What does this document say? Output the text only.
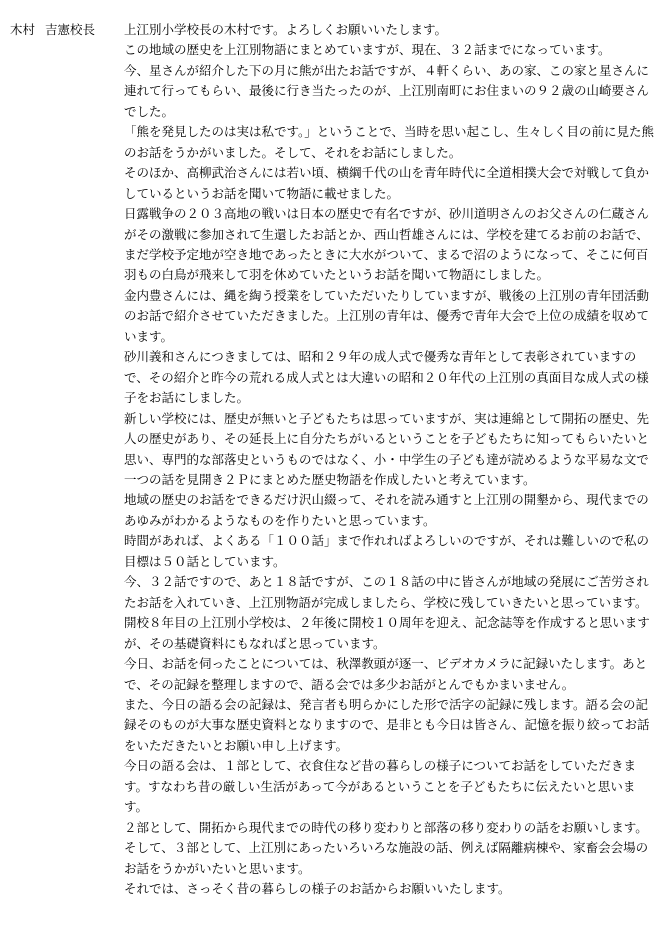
木村 吉憲校長 上江別小学校長の木村です。よろしくお願いいたします。

この地域の歴史を上江別物語にまとめていますが、現在、３２話までになっています。

今、星さんが紹介した下の月に熊が出たお話ですが、４軒くらい、あの家、この家と星さんに連れて行ってもらい、最後に行き当たったのが、上江別南町にお住まいの９２歳の山崎要さんでした。

「熊を発見したのは実は私です。」ということで、当時を思い起こし、生々しく目の前に見た熊のお話をうかがいました。そして、それをお話にしました。

そのほか、高柳武治さんには若い頃、横綱千代の山を青年時代に全道相撲大会で対戦して負かしているというお話を聞いて物語に載せました。

日露戦争の２０３高地の戦いは日本の歴史で有名ですが、砂川道明さんのお父さんの仁蔵さんがその激戦に参加されて生還したお話とか、西山哲雄さんには、学校を建てるお前のお話で、まだ学校予定地が空き地であったときに大水がついて、まるで沼のようになって、そこに何百羽もの白鳥が飛来して羽を休めていたというお話を聞いて物語にしました。

金内豊さんには、縄を綯う授業をしていただいたりしていますが、戦後の上江別の青年団活動のお話で紹介させていただきました。上江別の青年は、優秀で青年大会で上位の成績を収めています。

砂川義和さんにつきましては、昭和２９年の成人式で優秀な青年として表彰されていますので、その紹介と昨今の荒れる成人式とは大違いの昭和２０年代の上江別の真面目な成人式の様子をお話にしました。

新しい学校には、歴史が無いと子どもたちは思っていますが、実は連綿として開拓の歴史、先人の歴史があり、その延長上に自分たちがいるということを子どもたちに知ってもらいたいと思い、専門的な部落史というものではなく、小・中学生の子ども達が読めるような平易な文で一つの話を見開き２Ｐにまとめた歴史物語を作成したいと考えています。

地域の歴史のお話をできるだけ沢山綴って、それを読み通すと上江別の開墾から、現代までのあゆみがわかるようなものを作りたいと思っています。

時間があれば、よくある「１００話」まで作れればよろしいのですが、それは難しいので私の目標は５０話としています。

今、３２話ですので、あと１８話ですが、この１８話の中に皆さんが地域の発展にご苦労されたお話を入れていき、上江別物語が完成しましたら、学校に残していきたいと思っています。

開校８年目の上江別小学校は、２年後に開校１０周年を迎え、記念誌等を作成すると思いますが、その基礎資料にもなればと思っています。

今日、お話を伺ったことについては、秋澤教頭が逐一、ビデオカメラに記録いたします。あとで、その記録を整理しますので、語る会では多少お話がとんでもかまいません。

また、今日の語る会の記録は、発言者も明らかにした形で活字の記録に残します。語る会の記録そのものが大事な歴史資料となりますので、是非とも今日は皆さん、記憶を振り絞ってお話をいただきたいとお願い申し上げます。

今日の語る会は、１部として、衣食住など昔の暮らしの様子についてお話をしていただきます。すなわち昔の厳しい生活があって今があるということを子どもたちに伝えたいと思います。

２部として、開拓から現代までの時代の移り変わりと部落の移り変わりの話をお願いします。そして、３部として、上江別にあったいろいろな施設の話、例えば隔離病棟や、家畜会会場のお話をうかがいたいと思います。

それでは、さっそく昔の暮らしの様子のお話からお願いいたします。
